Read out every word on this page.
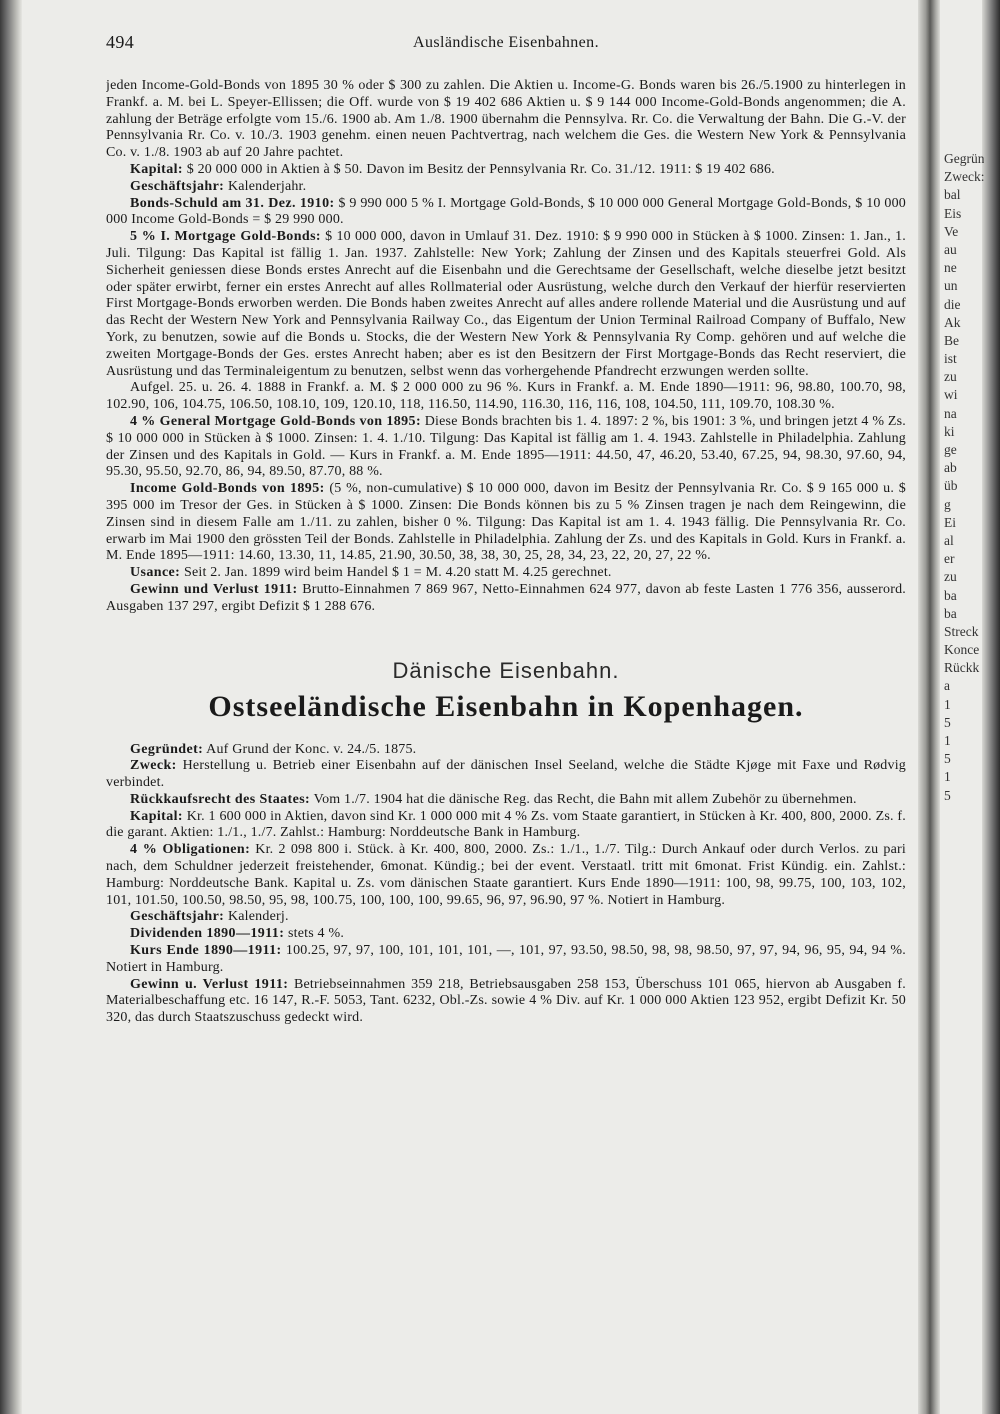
Gegrün
Zweck:
bal
Eis
Ve
au
ne
un
die
Ak
Be
ist
zu
wi
na
ki
ge
ab
üb
g
Ei
al
er
zu
ba
ba
Streck
Konce
Rückk
a
1
5
1
5
1
5
494	Ausländische Eisenbahnen.

jeden Income-Gold-Bonds von 1895 30 % oder $ 300 zu zahlen. Die Aktien u. Income-G. Bonds waren bis 26./5.1900 zu hinterlegen in Frankf. a. M. bei L. Speyer-Ellissen; die Off. wurde von $ 19 402 686 Aktien u. $ 9 144 000 Income-Gold-Bonds angenommen; die A. zahlung der Beträge erfolgte vom 15./6. 1900 ab. Am 1./8. 1900 übernahm die Pennsylva. Rr. Co. die Verwaltung der Bahn. Die G.-V. der Pennsylvania Rr. Co. v. 10./3. 1903 genehm. einen neuen Pachtvertrag, nach welchem die Ges. die Western New York & Pennsylvania Co. v. 1./8. 1903 ab auf 20 Jahre pachtet.

Kapital: $ 20 000 000 in Aktien à $ 50. Davon im Besitz der Pennsylvania Rr. Co. 31./12. 1911: $ 19 402 686.

Geschäftsjahr: Kalenderjahr.

Bonds-Schuld am 31. Dez. 1910: $ 9 990 000 5 % I. Mortgage Gold-Bonds, $ 10 000 000 General Mortgage Gold-Bonds, $ 10 000 000 Income Gold-Bonds = $ 29 990 000.

5 % I. Mortgage Gold-Bonds: $ 10 000 000, davon in Umlauf 31. Dez. 1910: $ 9 990 000 in Stücken à $ 1000. Zinsen: 1. Jan., 1. Juli. Tilgung: Das Kapital ist fällig 1. Jan. 1937. Zahlstelle: New York; Zahlung der Zinsen und des Kapitals steuerfrei Gold. Als Sicherheit geniessen diese Bonds erstes Anrecht auf die Eisenbahn und die Gerechtsame der Gesellschaft, welche dieselbe jetzt besitzt oder später erwirbt, ferner ein erstes Anrecht auf alles Rollmaterial oder Ausrüstung, welche durch den Verkauf der hierfür reservierten First Mortgage-Bonds erworben werden. Die Bonds haben zweites Anrecht auf alles andere rollende Material und die Ausrüstung und auf das Recht der Western New York and Pennsylvania Railway Co., das Eigentum der Union Terminal Railroad Company of Buffalo, New York, zu benutzen, sowie auf die Bonds u. Stocks, die der Western New York & Pennsylvania Ry Comp. gehören und auf welche die zweiten Mortgage-Bonds der Ges. erstes Anrecht haben; aber es ist den Besitzern der First Mortgage-Bonds das Recht reserviert, die Ausrüstung und das Terminaleigentum zu benutzen, selbst wenn das vorhergehende Pfandrecht erzwungen werden sollte.

Aufgel. 25. u. 26. 4. 1888 in Frankf. a. M. $ 2 000 000 zu 96 %. Kurs in Frankf. a. M. Ende 1890—1911: 96, 98.80, 100.70, 98, 102.90, 106, 104.75, 106.50, 108.10, 109, 120.10, 118, 116.50, 114.90, 116.30, 116, 116, 108, 104.50, 111, 109.70, 108.30 %.

4 % General Mortgage Gold-Bonds von 1895: Diese Bonds brachten bis 1. 4. 1897: 2 %, bis 1901: 3 %, und bringen jetzt 4 % Zs. $ 10 000 000 in Stücken à $ 1000. Zinsen: 1. 4. 1./10. Tilgung: Das Kapital ist fällig am 1. 4. 1943. Zahlstelle in Philadelphia. Zahlung der Zinsen und des Kapitals in Gold. — Kurs in Frankf. a. M. Ende 1895—1911: 44.50, 47, 46.20, 53.40, 67.25, 94, 98.30, 97.60, 94, 95.30, 95.50, 92.70, 86, 94, 89.50, 87.70, 88 %.

Income Gold-Bonds von 1895: (5 %, non-cumulative) $ 10 000 000, davon im Besitz der Pennsylvania Rr. Co. $ 9 165 000 u. $ 395 000 im Tresor der Ges. in Stücken à $ 1000. Zinsen: Die Bonds können bis zu 5 % Zinsen tragen je nach dem Reingewinn, die Zinsen sind in diesem Falle am 1./11. zu zahlen, bisher 0 %. Tilgung: Das Kapital ist am 1. 4. 1943 fällig. Die Pennsylvania Rr. Co. erwarb im Mai 1900 den grössten Teil der Bonds. Zahlstelle in Philadelphia. Zahlung der Zs. und des Kapitals in Gold. Kurs in Frankf. a. M. Ende 1895—1911: 14.60, 13.30, 11, 14.85, 21.90, 30.50, 38, 38, 30, 25, 28, 34, 23, 22, 20, 27, 22 %.

Usance: Seit 2. Jan. 1899 wird beim Handel $ 1 = M. 4.20 statt M. 4.25 gerechnet.

Gewinn und Verlust 1911: Brutto-Einnahmen 7 869 967, Netto-Einnahmen 624 977, davon ab feste Lasten 1 776 356, ausserord. Ausgaben 137 297, ergibt Defizit $ 1 288 676.

Dänische Eisenbahn.
Ostseeländische Eisenbahn in Kopenhagen.

Gegründet: Auf Grund der Konc. v. 24./5. 1875.

Zweck: Herstellung u. Betrieb einer Eisenbahn auf der dänischen Insel Seeland, welche die Städte Kjøge mit Faxe und Rødvig verbindet.

Rückkaufsrecht des Staates: Vom 1./7. 1904 hat die dänische Reg. das Recht, die Bahn mit allem Zubehör zu übernehmen.

Kapital: Kr. 1 600 000 in Aktien, davon sind Kr. 1 000 000 mit 4 % Zs. vom Staate garantiert, in Stücken à Kr. 400, 800, 2000. Zs. f. die garant. Aktien: 1./1., 1./7. Zahlst.: Hamburg: Norddeutsche Bank in Hamburg.

4 % Obligationen: Kr. 2 098 800 i. Stück. à Kr. 400, 800, 2000. Zs.: 1./1., 1./7. Tilg.: Durch Ankauf oder durch Verlos. zu pari nach, dem Schuldner jederzeit freistehender, 6monat. Kündig.; bei der event. Verstaatl. tritt mit 6monat. Frist Kündig. ein. Zahlst.: Hamburg: Norddeutsche Bank. Kapital u. Zs. vom dänischen Staate garantiert. Kurs Ende 1890—1911: 100, 98, 99.75, 100, 103, 102, 101, 101.50, 100.50, 98.50, 95, 98, 100.75, 100, 100, 100, 99.65, 96, 97, 96.90, 97 %. Notiert in Hamburg.

Geschäftsjahr: Kalenderj.

Dividenden 1890—1911: stets 4 %.

Kurs Ende 1890—1911: 100.25, 97, 97, 100, 101, 101, 101, —, 101, 97, 93.50, 98.50, 98, 98, 98.50, 97, 97, 94, 96, 95, 94, 94 %. Notiert in Hamburg.

Gewinn u. Verlust 1911: Betriebseinnahmen 359 218, Betriebsausgaben 258 153, Überschuss 101 065, hiervon ab Ausgaben f. Materialbeschaffung etc. 16 147, R.-F. 5053, Tant. 6232, Obl.-Zs. sowie 4 % Div. auf Kr. 1 000 000 Aktien 123 952, ergibt Defizit Kr. 50 320, das durch Staatszuschuss gedeckt wird.
